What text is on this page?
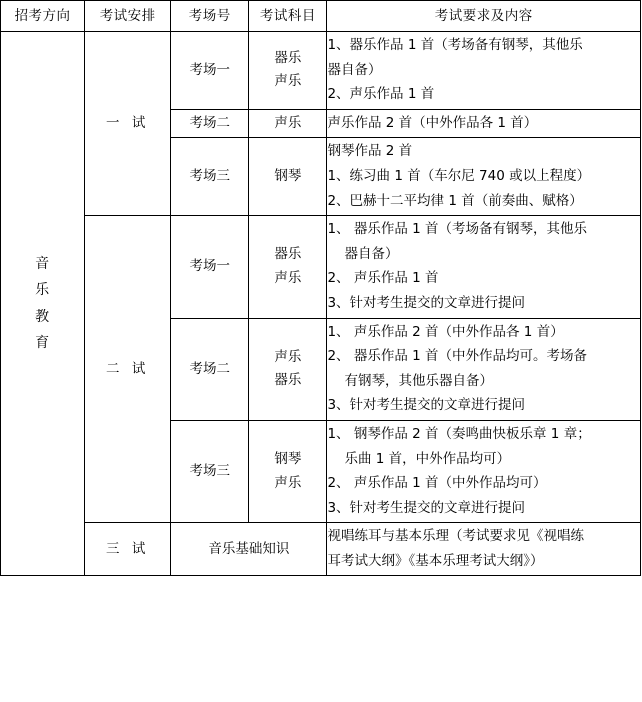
招考方向	考试安排	考场号	考试科目	考试要求及内容

音
乐
教
育	一 试	考场一	器乐
声乐	1、器乐作品 1 首（考场备有钢琴，其他乐
器自备）
2、声乐作品 1 首

		考场二	声乐	声乐作品 2 首（中外作品各 1 首）

		考场三	钢琴	钢琴作品 2 首
1、练习曲 1 首（车尔尼 740 或以上程度）
2、巴赫十二平均律 1 首（前奏曲、赋格）

	二 试	考场一	器乐
声乐	1、 器乐作品 1 首（考场备有钢琴，其他乐
器自备）
2、 声乐作品 1 首
3、针对考生提交的文章进行提问

		考场二	声乐
器乐	1、 声乐作品 2 首（中外作品各 1 首）
2、 器乐作品 1 首（中外作品均可。考场备
有钢琴，其他乐器自备）
3、针对考生提交的文章进行提问

		考场三	钢琴
声乐	1、 钢琴作品 2 首（奏鸣曲快板乐章 1 章；
乐曲 1 首，中外作品均可）
2、 声乐作品 1 首（中外作品均可）
3、针对考生提交的文章进行提问

	三 试	音乐基础知识		视唱练耳与基本乐理（考试要求见《视唱练
耳考试大纲》《基本乐理考试大纲》）
